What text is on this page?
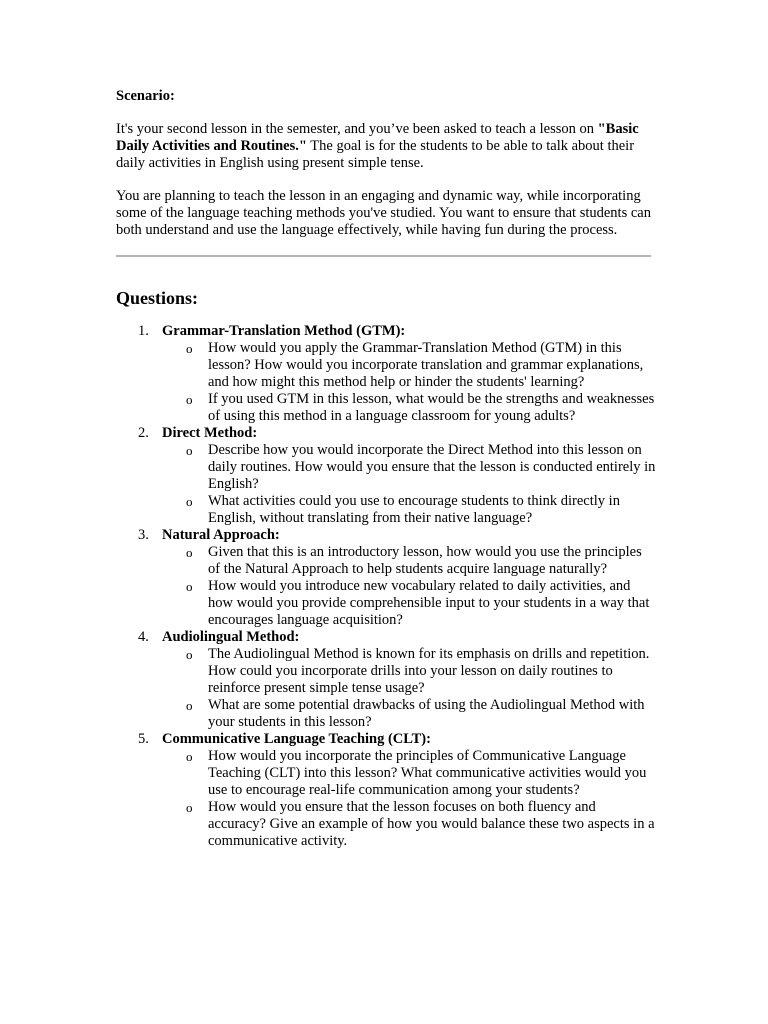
Scenario:

It's your second lesson in the semester, and you’ve been asked to teach a lesson on "Basic Daily Activities and Routines." The goal is for the students to be able to talk about their daily activities in English using present simple tense.

You are planning to teach the lesson in an engaging and dynamic way, while incorporating some of the language teaching methods you've studied. You want to ensure that students can both understand and use the language effectively, while having fun during the process.

Questions:
1. Grammar-Translation Method (GTM):
o How would you apply the Grammar-Translation Method (GTM) in this lesson? How would you incorporate translation and grammar explanations, and how might this method help or hinder the students' learning?
o If you used GTM in this lesson, what would be the strengths and weaknesses of using this method in a language classroom for young adults?
2. Direct Method:
o Describe how you would incorporate the Direct Method into this lesson on daily routines. How would you ensure that the lesson is conducted entirely in English?
o What activities could you use to encourage students to think directly in English, without translating from their native language?
3. Natural Approach:
o Given that this is an introductory lesson, how would you use the principles of the Natural Approach to help students acquire language naturally?
o How would you introduce new vocabulary related to daily activities, and how would you provide comprehensible input to your students in a way that encourages language acquisition?
4. Audiolingual Method:
o The Audiolingual Method is known for its emphasis on drills and repetition. How could you incorporate drills into your lesson on daily routines to reinforce present simple tense usage?
o What are some potential drawbacks of using the Audiolingual Method with your students in this lesson?
5. Communicative Language Teaching (CLT):
o How would you incorporate the principles of Communicative Language Teaching (CLT) into this lesson? What communicative activities would you use to encourage real-life communication among your students?
o How would you ensure that the lesson focuses on both fluency and accuracy? Give an example of how you would balance these two aspects in a communicative activity.
